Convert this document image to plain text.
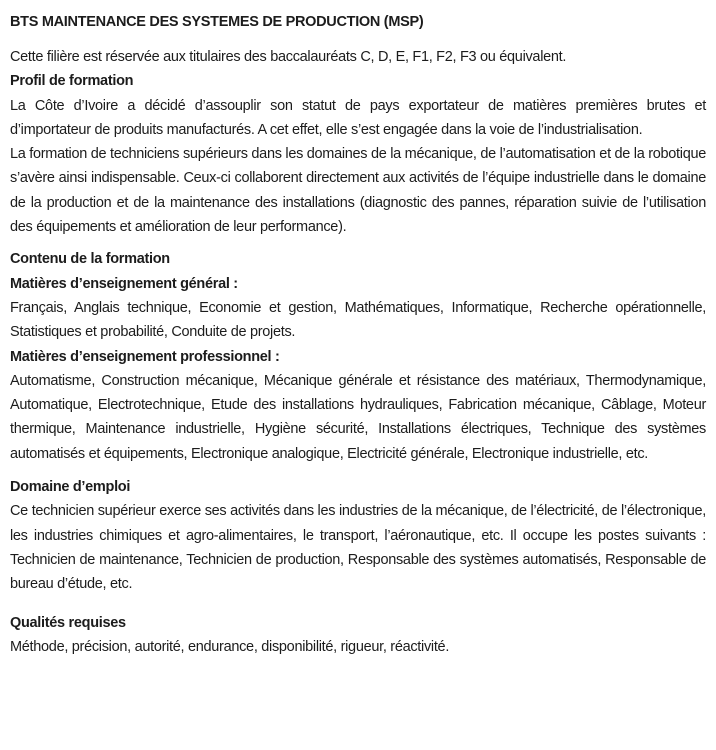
BTS MAINTENANCE DES SYSTEMES DE PRODUCTION (MSP)

Cette filière est réservée aux titulaires des baccalauréats C, D, E, F1, F2, F3 ou équivalent.

Profil de formation

La Côte d’Ivoire a décidé d’assouplir son statut de pays exportateur de matières premières brutes et d’importateur de produits manufacturés. A cet effet, elle s’est engagée dans la voie de l’industrialisation.

La formation de techniciens supérieurs dans les domaines de la mécanique, de l’automatisation et de la robotique s’avère ainsi indispensable. Ceux-ci collaborent directement aux activités de l’équipe industrielle dans le domaine de la production et de la maintenance des installations (diagnostic des pannes, réparation suivie de l’utilisation des équipements et amélioration de leur performance).

Contenu de la formation
Matières d’enseignement général :

Français, Anglais technique, Economie et gestion, Mathématiques, Informatique, Recherche opérationnelle, Statistiques et probabilité, Conduite de projets.

Matières d’enseignement professionnel :

Automatisme, Construction mécanique, Mécanique générale et résistance des matériaux, Thermodynamique, Automatique, Electrotechnique, Etude des installations hydrauliques, Fabrication mécanique, Câblage, Moteur thermique, Maintenance industrielle, Hygiène sécurité, Installations électriques, Technique des systèmes automatisés et équipements, Electronique analogique, Electricité générale, Electronique industrielle, etc.

Domaine d’emploi

Ce technicien supérieur exerce ses activités dans les industries de la mécanique, de l’électricité, de l’électronique, les industries chimiques et agro-alimentaires, le transport, l’aéronautique, etc. Il occupe les postes suivants : Technicien de maintenance, Technicien de production, Responsable des systèmes automatisés, Responsable de bureau d’étude, etc.

Qualités requises

Méthode, précision, autorité, endurance, disponibilité, rigueur, réactivité.
